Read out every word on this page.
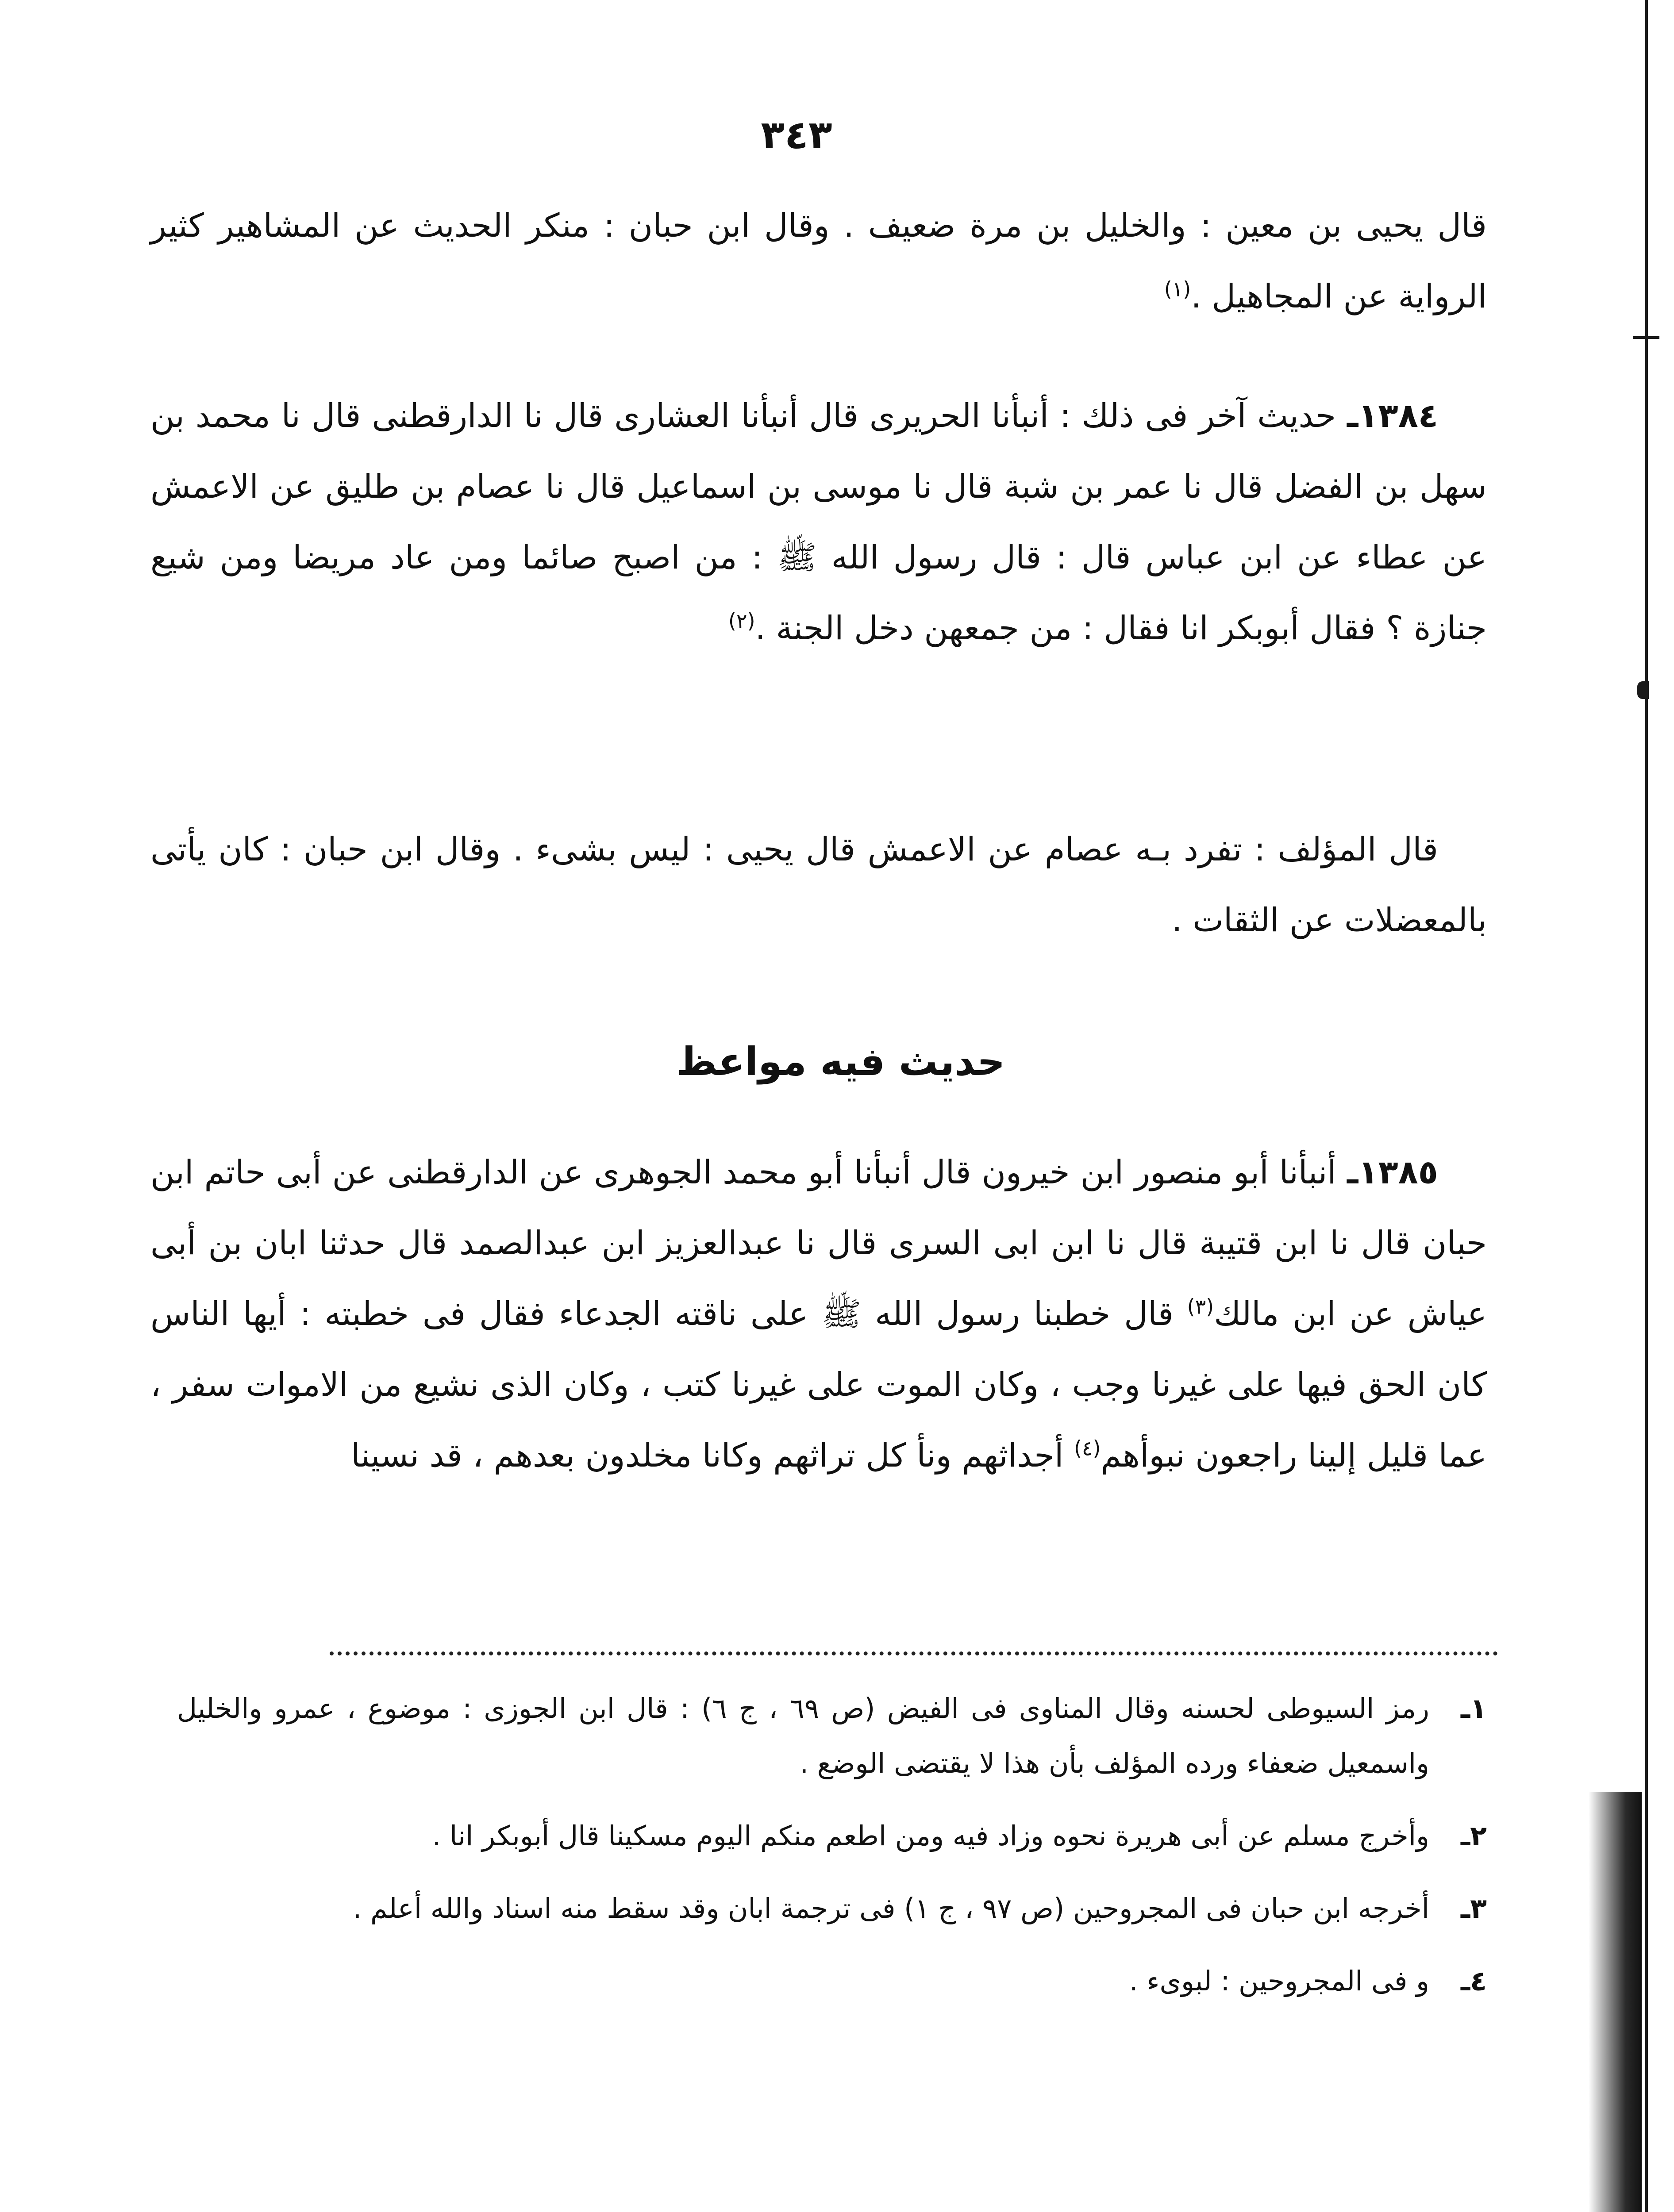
٣٤٣

قال يحيى بن معين : والخليل بن مرة ضعيف . وقال ابن حبان : منكر الحديث عن المشاهير كثير الرواية عن المجاهيل .$^{(١)}$

١٣٨٤ـ حديث آخر فى ذلك : أنبأنا الحريرى قال أنبأنا العشارى قال نا الدارقطنى قال نا محمد بن سهل بن الفضل قال نا عمر بن شبة قال نا موسى بن اسماعيل قال نا عصام بن طليق عن الاعمش عن عطاء عن ابن عباس قال : قال رسول الله ﷺ : من اصبح صائما ومن عاد مريضا ومن شيع جنازة ؟ فقال أبوبكر انا فقال : من جمعهن دخل الجنة .$^{(٢)}$

قال المؤلف : تفرد بـه عصام عن الاعمش قال يحيى : ليس بشىء . وقال ابن حبان : كان يأتى بالمعضلات عن الثقات .

حديث فيه مواعظ

١٣٨٥ـ أنبأنا أبو منصور ابن خيرون قال أنبأنا أبو محمد الجوهرى عن الدارقطنى عن أبى حاتم ابن حبان قال نا ابن قتيبة قال نا ابن ابى السرى قال نا عبدالعزيز ابن عبدالصمد قال حدثنا ابان بن أبى عياش عن ابن مالك$^{(٣)}$ قال خطبنا رسول الله ﷺ على ناقته الجدعاء فقال فى خطبته : أيها الناس كان الحق فيها على غيرنا وجب ، وكان الموت على غيرنا كتب ، وكان الذى نشيع من الاموات سفر ، عما قليل إلينا راجعون نبوأهم$^{(٤)}$ أجداثهم ونأ كل تراثهم وكانا مخلدون بعدهم ، قد نسينا

١ـ
رمز السيوطى لحسنه وقال المناوى فى الفيض (ص ٦٩ ، ج ٦) : قال ابن الجوزى : موضوع ، عمرو والخليل واسمعيل ضعفاء ورده المؤلف بأن هذا لا يقتضى الوضع .
٢ـ
وأخرج مسلم عن أبى هريرة نحوه وزاد فيه ومن اطعم منكم اليوم مسكينا قال أبوبكر انا .
٣ـ
أخرجه ابن حبان فى المجروحين (ص ٩٧ ، ج ١) فى ترجمة ابان وقد سقط منه اسناد والله أعلم .
٤ـ
و فى المجروحين : لبوىء .
